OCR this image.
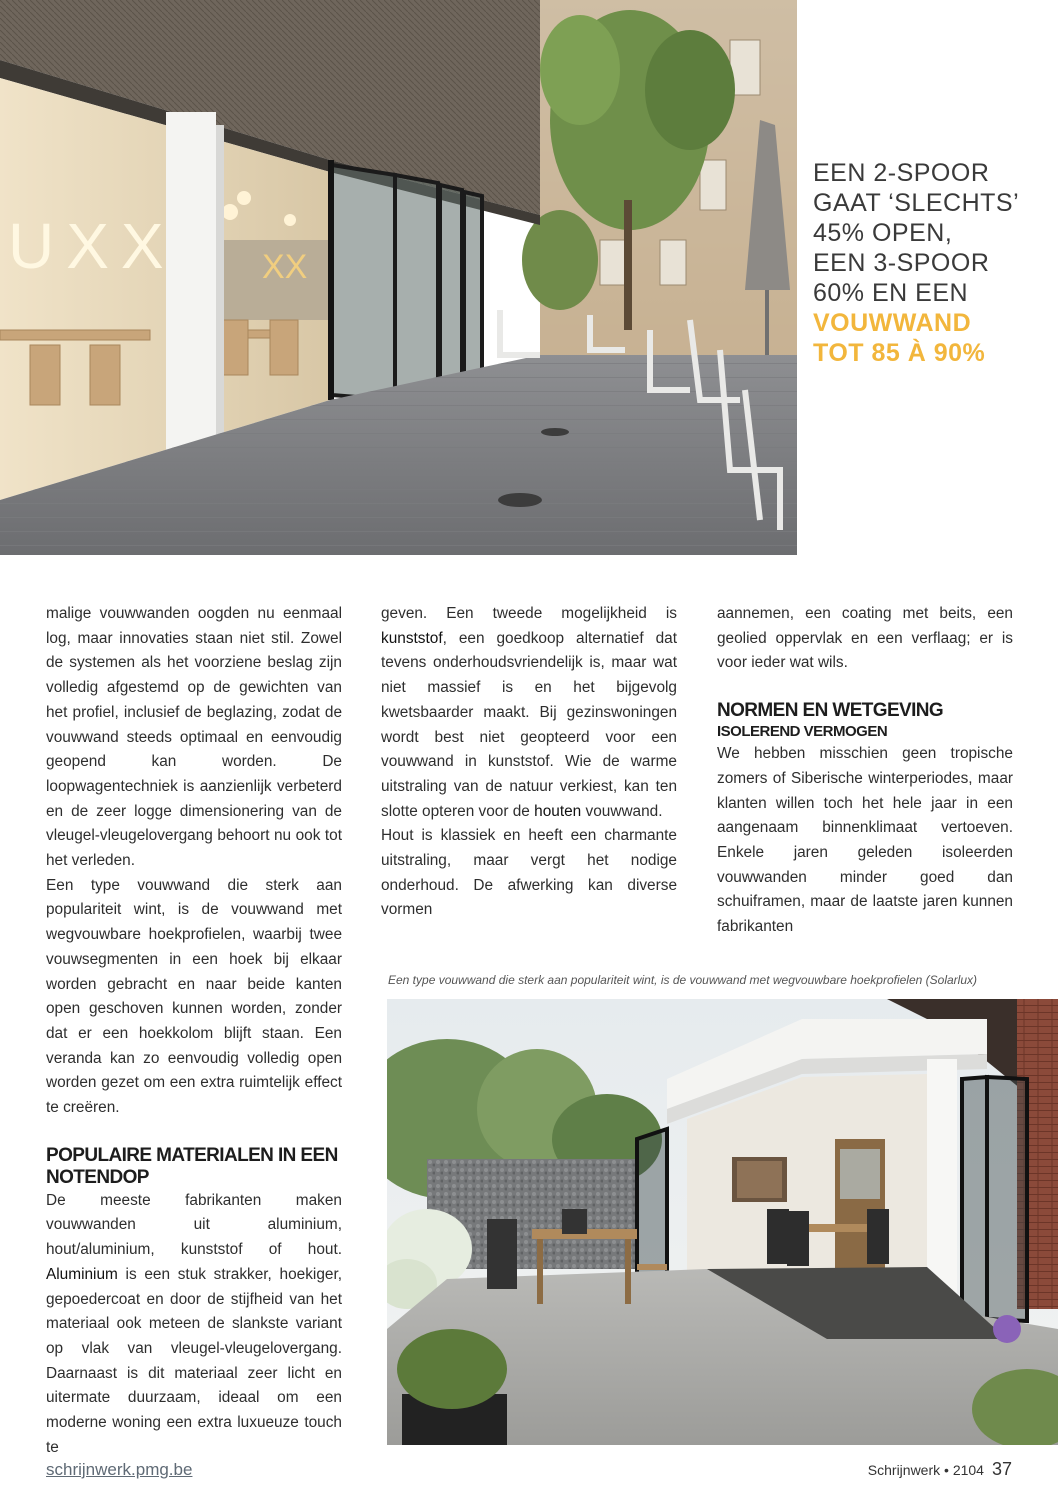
UXX	XX
EEN 2-SPOOR
GAAT ‘SLECHTS’
45% OPEN,
EEN 3-SPOOR
60% EN EEN
VOUWWAND
TOT 85 À 90%

malige vouwwanden oogden nu eenmaal log, maar innovaties staan niet stil. Zowel de systemen als het voorziene beslag zijn volledig afgestemd op de gewichten van het profiel, inclusief de beglazing, zodat de vouwwand steeds optimaal en eenvoudig geopend kan worden. De loopwagentechniek is aanzienlijk verbeterd en de zeer logge dimensionering van de vleugel-vleugelovergang behoort nu ook tot het verleden.

Een type vouwwand die sterk aan populariteit wint, is de vouwwand met wegvouwbare hoekprofielen, waarbij twee vouwsegmenten in een hoek bij elkaar worden gebracht en naar beide kanten open geschoven kunnen worden, zonder dat er een hoekkolom blijft staan. Een veranda kan zo eenvoudig volledig open worden gezet om een extra ruimtelijk effect te creëren.

POPULAIRE MATERIALEN IN EEN NOTENDOP

De meeste fabrikanten maken vouwwanden uit aluminium, hout/aluminium, kunststof of hout. Aluminium is een stuk strakker, hoekiger, gepoedercoat en door de stijfheid van het materiaal ook meteen de slankste variant op vlak van vleugel-vleugelovergang. Daarnaast is dit materiaal zeer licht en uitermate duurzaam, ideaal om een moderne woning een extra luxueuze touch te

geven. Een tweede mogelijkheid is kunststof, een goedkoop alternatief dat tevens onderhoudsvriendelijk is, maar wat niet massief is en het bijgevolg kwetsbaarder maakt. Bij gezinswoningen wordt best niet geopteerd voor een vouwwand in kunststof. Wie de warme uitstraling van de natuur verkiest, kan ten slotte opteren voor de houten vouwwand.

Hout is klassiek en heeft een charmante uitstraling, maar vergt het nodige onderhoud. De afwerking kan diverse vormen

aannemen, een coating met beits, een geolied oppervlak en een verflaag; er is voor ieder wat wils.

NORMEN EN WETGEVING
ISOLEREND VERMOGEN

We hebben misschien geen tropische zomers of Siberische winterperiodes, maar klanten willen toch het hele jaar in een aangenaam binnenklimaat vertoeven. Enkele jaren geleden isoleerden vouwwanden minder goed dan schuiframen, maar de laatste jaren kunnen fabrikanten

Een type vouwwand die sterk aan populariteit wint, is de vouwwand met wegvouwbare hoekprofielen (Solarlux)
schrijnwerk.pmg.be	Schrijnwerk • 2104 37
